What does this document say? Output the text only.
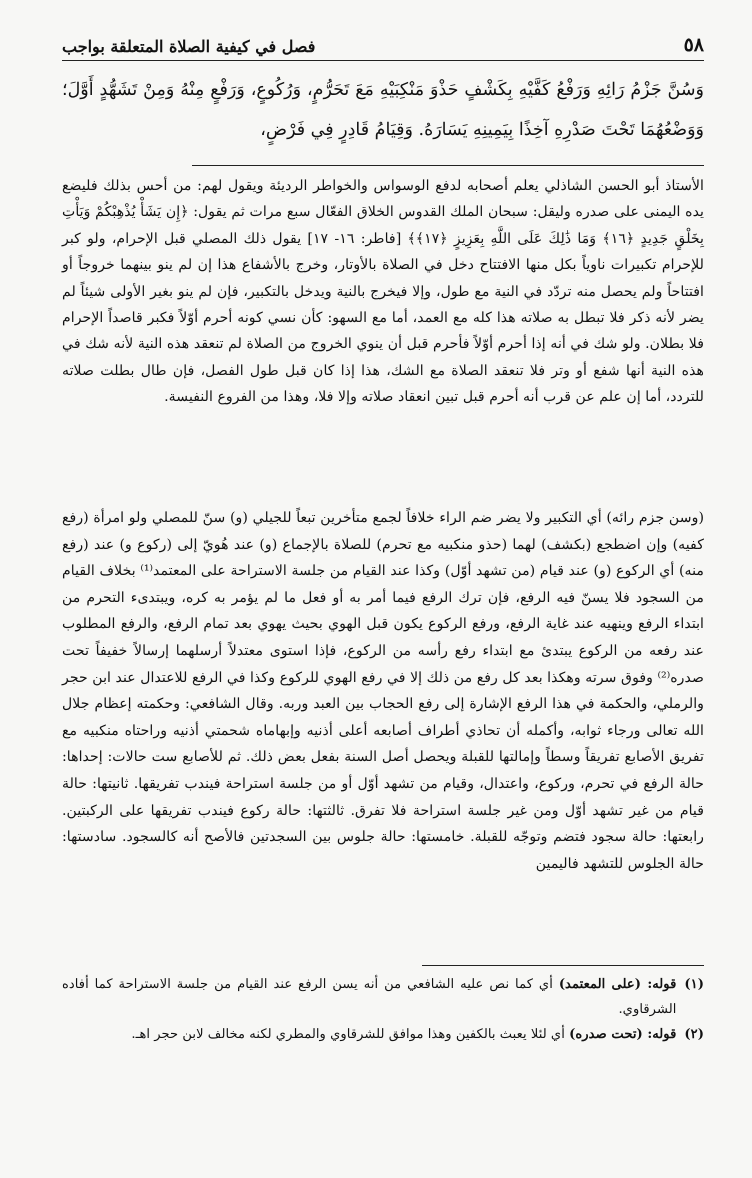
٥٨
فصل في كيفية الصلاة المتعلقة بواجب
وَسُنَّ جَزْمُ رَائِهِ وَرَفْعُ كَفَّيْهِ بِكَشْفٍ حَذْوَ مَنْكِبَيْهِ مَعَ تَحَرُّمٍ، وَرُكُوعٍ، وَرَفْعٍ مِنْهُ وَمِنْ تَشَهُّدٍ أَوَّلَ؛ وَوَضْعُهُمَا تَحْتَ صَدْرِهِ آخِذًا بِيَمِينِهِ يَسَارَهُ. وَقِيَامُ قَادِرٍ فِي فَرْضٍ،

الأستاذ أبو الحسن الشاذلي يعلم أصحابه لدفع الوسواس والخواطر الرديئة ويقول لهم: من أحس بذلك فليضع يده اليمنى على صدره وليقل: سبحان الملك القدوس الخلاق الفعّال سبع مرات ثم يقول: ﴿إِن يَشَأْ يُذْهِبْكُمْ وَيَأْتِ بِخَلْقٍ جَدِيدٍ ﴿١٦﴾ وَمَا ذَٰلِكَ عَلَى اللَّهِ بِعَزِيزٍ ﴿١٧﴾﴾ [فاطر: ١٦- ١٧] يقول ذلك المصلي قبل الإحرام، ولو كبر للإحرام تكبيرات ناوياً بكل منها الافتتاح دخل في الصلاة بالأوتار، وخرج بالأشفاع هذا إن لم ينو بينهما خروجاً أو افتتاحاً ولم يحصل منه تردّد في النية مع طول، وإلا فيخرج بالنية ويدخل بالتكبير، فإن لم ينو بغير الأولى شيئاً لم يضر لأنه ذكر فلا تبطل به صلاته هذا كله مع العمد، أما مع السهو: كأن نسي كونه أحرم أوّلاً فكبر قاصداً الإحرام فلا بطلان. ولو شك في أنه إذا أحرم أوّلاً فأحرم قبل أن ينوي الخروج من الصلاة لم تنعقد هذه النية لأنه شك في هذه النية أنها شفع أو وتر فلا تنعقد الصلاة مع الشك، هذا إذا كان قبل طول الفصل، فإن طال بطلت صلاته للتردد، أما إن علم عن قرب أنه أحرم قبل تبين انعقاد صلاته وإلا فلا، وهذا من الفروع النفيسة.

(وسن جزم رائه) أي التكبير ولا يضر ضم الراء خلافاً لجمع متأخرين تبعاً للجيلي (و) سنّ للمصلي ولو امرأة (رفع كفيه) وإن اضطجع (بكشف) لهما (حذو منكبيه مع تحرم) للصلاة بالإجماع (و) عند هُويّ إلى (ركوع و) عند (رفع منه) أي الركوع (و) عند قيام (من تشهد أوّل) وكذا عند القيام من جلسة الاستراحة على المعتمد⁽¹⁾ بخلاف القيام من السجود فلا يسنّ فيه الرفع، فإن ترك الرفع فيما أمر به أو فعل ما لم يؤمر به كره، ويبتدىء التحرم من ابتداء الرفع وينهيه عند غاية الرفع، ورفع الركوع يكون قبل الهوي بحيث يهوي بعد تمام الرفع، والرفع المطلوب عند رفعه من الركوع يبتدئ مع ابتداء رفع رأسه من الركوع، فإذا استوى معتدلاً أرسلهما إرسالاً خفيفاً تحت صدره⁽²⁾ وفوق سرته وهكذا بعد كل رفع من ذلك إلا في رفع الهوي للركوع وكذا في الرفع للاعتدال عند ابن حجر والرملي، والحكمة في هذا الرفع الإشارة إلى رفع الحجاب بين العبد وربه. وقال الشافعي: وحكمته إعظام جلال الله تعالى ورجاء ثوابه، وأكمله أن تحاذي أطراف أصابعه أعلى أذنيه وإبهاماه شحمتي أذنيه وراحتاه منكبيه مع تفريق الأصابع تفريقاً وسطاً وإمالتها للقبلة ويحصل أصل السنة بفعل بعض ذلك. ثم للأصابع ست حالات: إحداها: حالة الرفع في تحرم، وركوع، واعتدال، وقيام من تشهد أوّل أو من جلسة استراحة فيندب تفريقها. ثانيتها: حالة قيام من غير تشهد أوّل ومن غير جلسة استراحة فلا تفرق. ثالثتها: حالة ركوع فيندب تفريقها على الركبتين. رابعتها: حالة سجود فتضم وتوجّه للقبلة. خامستها: حالة جلوس بين السجدتين فالأصح أنه كالسجود. سادستها: حالة الجلوس للتشهد فاليمين

(١)
قوله: (على المعتمد) أي كما نص عليه الشافعي من أنه يسن الرفع عند القيام من جلسة الاستراحة كما أفاده الشرقاوي.
(٢)
قوله: (تحت صدره) أي لئلا يعبث بالكفين وهذا موافق للشرقاوي والمطري لكنه مخالف لابن حجر اهـ.
